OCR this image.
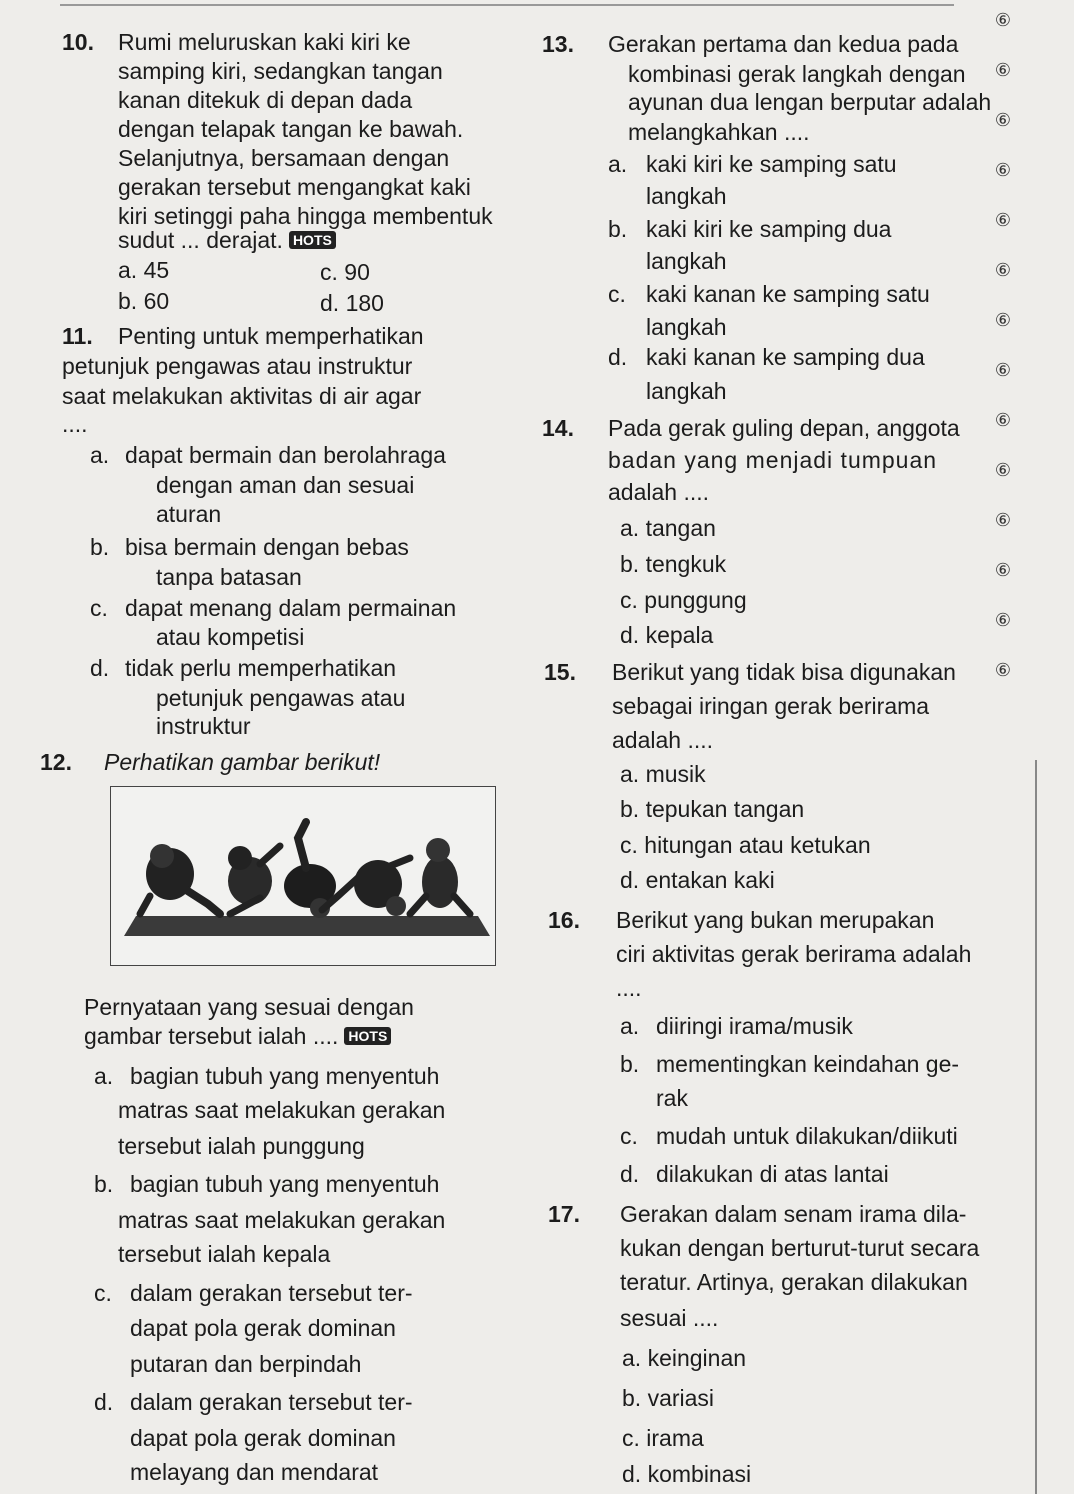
⑥
⑥
⑥
⑥
⑥
⑥
⑥
⑥
⑥
⑥
⑥
⑥
⑥
⑥
10. Rumi meluruskan kaki kiri ke
samping kiri, sedangkan tangan
kanan ditekuk di depan dada
dengan telapak tangan ke bawah.
Selanjutnya, bersamaan dengan
gerakan tersebut mengangkat kaki
kiri setinggi paha hingga membentuk
sudut ... derajat. HOTS
a. 45	c. 90
b. 60	d. 180
11. Penting untuk memperhatikan
petunjuk pengawas atau instruktur
saat melakukan aktivitas di air agar
....
a. dapat bermain dan berolahraga
dengan aman dan sesuai
aturan
b. bisa bermain dengan bebas
tanpa batasan
c. dapat menang dalam permainan
atau kompetisi
d. tidak perlu memperhatikan
petunjuk pengawas atau
instruktur
12. Perhatikan gambar berikut!
Pernyataan yang sesuai dengan
gambar tersebut ialah .... HOTS
a. bagian tubuh yang menyentuh
matras saat melakukan gerakan
tersebut ialah punggung
b. bagian tubuh yang menyentuh
matras saat melakukan gerakan
tersebut ialah kepala
c. dalam gerakan tersebut ter-
dapat pola gerak dominan
putaran dan berpindah
d. dalam gerakan tersebut ter-
dapat pola gerak dominan
melayang dan mendarat
13. Gerakan pertama dan kedua pada
kombinasi gerak langkah dengan
ayunan dua lengan berputar adalah
melangkahkan ....
a. kaki kiri ke samping satu
langkah
b. kaki kiri ke samping dua
langkah
c. kaki kanan ke samping satu
langkah
d. kaki kanan ke samping dua
langkah
14. Pada gerak guling depan, anggota
badan yang menjadi tumpuan
adalah ....
a. tangan
b. tengkuk
c. punggung
d. kepala
15. Berikut yang tidak bisa digunakan
sebagai iringan gerak berirama
adalah ....
a. musik
b. tepukan tangan
c. hitungan atau ketukan
d. entakan kaki
16. Berikut yang bukan merupakan
ciri aktivitas gerak berirama adalah
....
a. diiringi irama/musik
b. mementingkan keindahan ge-
rak
c. mudah untuk dilakukan/diikuti
d. dilakukan di atas lantai
17. Gerakan dalam senam irama dila-
kukan dengan berturut-turut secara
teratur. Artinya, gerakan dilakukan
sesuai ....
a. keinginan
b. variasi
c. irama
d. kombinasi
